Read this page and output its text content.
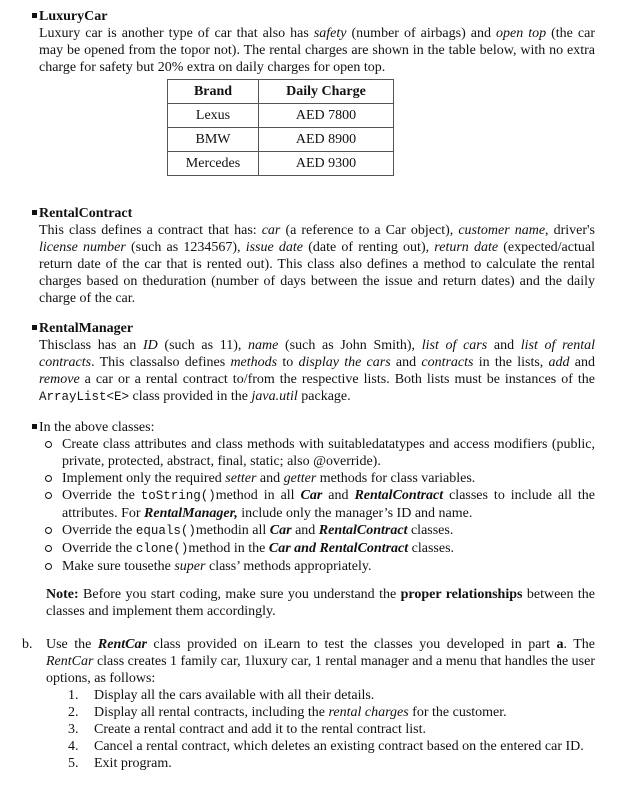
LuxuryCar
Luxury car is another type of car that also has safety (number of airbags) and open top (the car may be opened from the topor not). The rental charges are shown in the table below, with no extra charge for safety but 20% extra on daily charges for open top.
Brand	Daily Charge
Lexus	AED 7800
BMW	AED 8900
Mercedes	AED 9300
RentalContract
This class defines a contract that has: car (a reference to a Car object), customer name, driver's license number (such as 1234567), issue date (date of renting out), return date (expected/actual return date of the car that is rented out). This class also defines a method to calculate the rental charges based on theduration (number of days between the issue and return dates) and the daily charge of the car.
RentalManager
Thisclass has an ID (such as 11), name (such as John Smith), list of cars and list of rental contracts. This classalso defines methods to display the cars and contracts in the lists, add and remove a car or a rental contract to/from the respective lists. Both lists must be instances of the ArrayList<E> class provided in the java.util package.
In the above classes:
Create class attributes and class methods with suitabledatatypes and access modifiers (public, private, protected, abstract, final, static; also @override).
Implement only the required setter and getter methods for class variables.
Override the toString()method in all Car and RentalContract classes to include all the attributes. For RentalManager, include only the manager’s ID and name.
Override the equals()methodin all Car and RentalContract classes.
Override the clone()method in the Car and RentalContract classes.
Make sure tousethe super class’ methods appropriately.
Note: Before you start coding, make sure you understand the proper relationships between the classes and implement them accordingly.
b. Use the RentCar class provided on iLearn to test the classes you developed in part a. The RentCar class creates 1 family car, 1luxury car, 1 rental manager and a menu that handles the user options, as follows:
1. Display all the cars available with all their details.
2. Display all rental contracts, including the rental charges for the customer.
3. Create a rental contract and add it to the rental contract list.
4. Cancel a rental contract, which deletes an existing contract based on the entered car ID.
5. Exit program.
